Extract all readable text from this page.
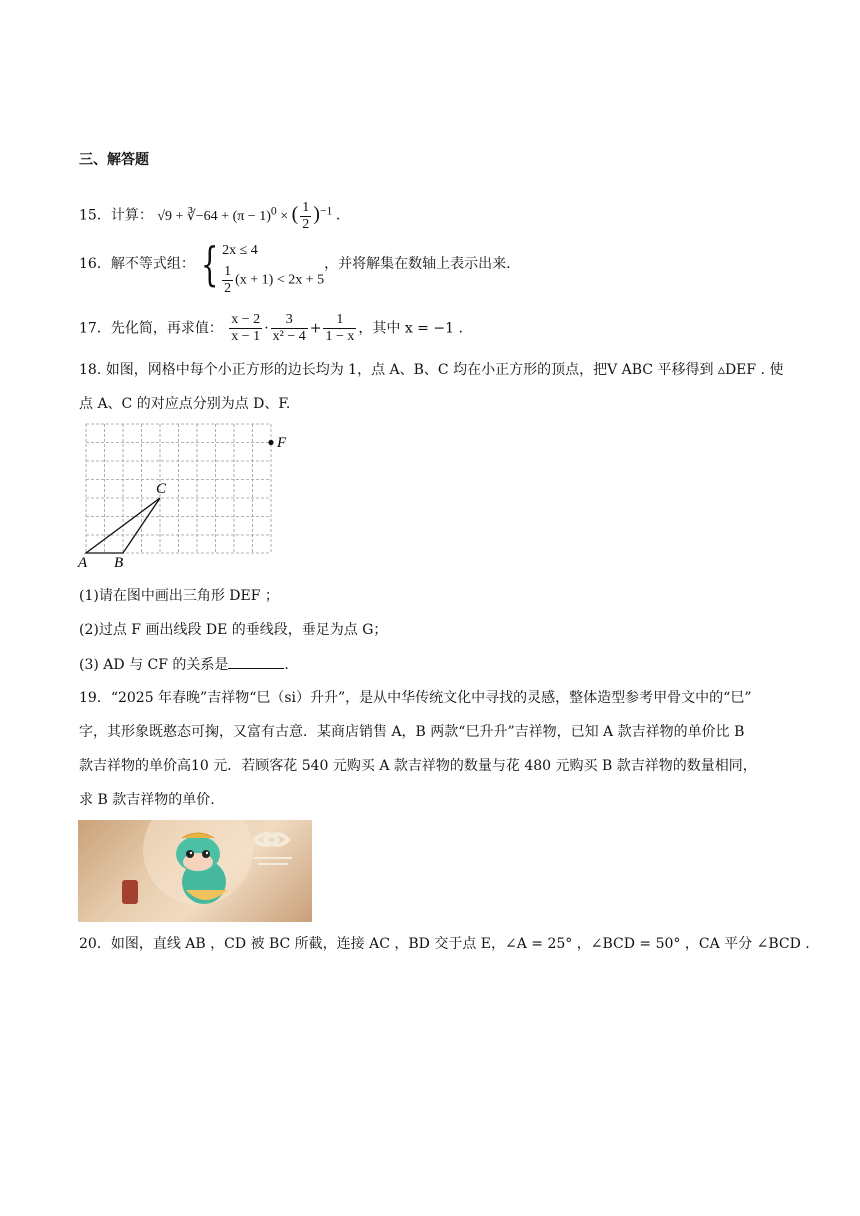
三、解答题
15．计算： √9 + ∛−64 + $(\pi - 1)^0$ × ( $\frac{1}{2} )^{-1}$ .
16．解不等式组： { 2x ≤ 4
$\frac{1}{2} (x + 1) < 2x + 5$
，并将解集在数轴上表示出来.
17．先化简，再求值： $\frac{x - 2}{x - 1} \cdot \frac{3}{\text{x² − 4}} + \frac{1}{1 - x}$ ，其中 x = −1 .
18. 如图，网格中每个小正方形的边长均为 1，点 A、B、C 均在小正方形的顶点，把V ABC 平移得到 ▵DEF . 使
点 A、C 的对应点分别为点 D、F.
A B
C
F
(1)请在图中画出三角形 DEF ；
(2)过点 F 画出线段 DE 的垂线段，垂足为点 G；
(3) AD 与 CF 的关系是	.
19．“2025 年春晚”吉祥物“巳（si）升升”，是从中华传统文化中寻找的灵感，整体造型参考甲骨文中的“巳”
字，其形象既憨态可掬，又富有古意．某商店销售 A，B 两款“巳升升”吉祥物，已知 A 款吉祥物的单价比 B
款吉祥物的单价高10 元．若顾客花 540 元购买 A 款吉祥物的数量与花 480 元购买 B 款吉祥物的数量相同，
求 B 款吉祥物的单价.
20．如图，直线 AB ，CD 被 BC 所截，连接 AC ，BD 交于点 E，∠A = 25° ，∠BCD = 50° ，CA 平分 ∠BCD .
